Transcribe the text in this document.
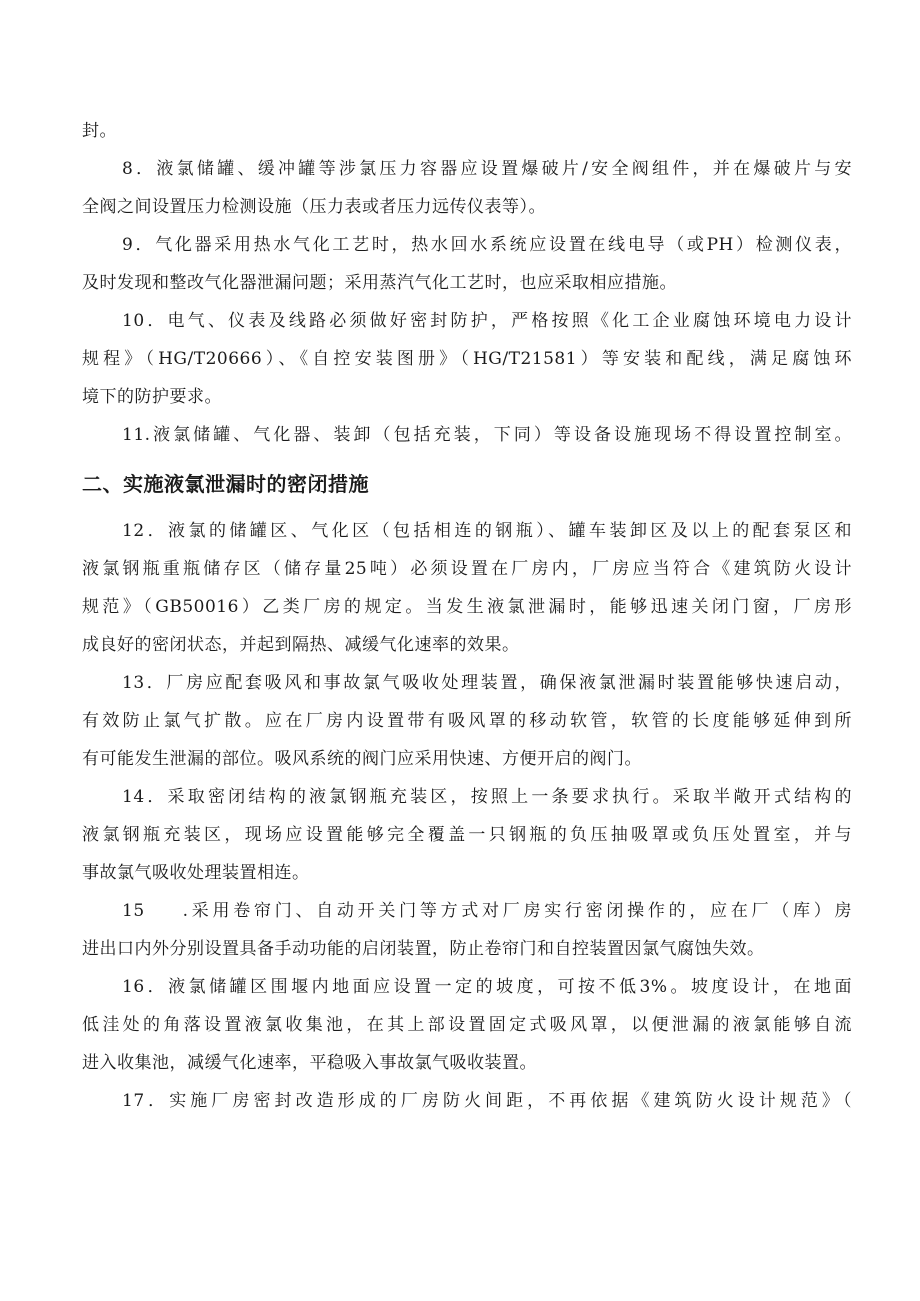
封。
8．液氯储罐、缓冲罐等涉氯压力容器应设置爆破片/安全阀组件，并在爆破片与安
全阀之间设置压力检测设施（压力表或者压力远传仪表等）。
9．气化器采用热水气化工艺时，热水回水系统应设置在线电导（或PH）检测仪表，
及时发现和整改气化器泄漏问题；采用蒸汽气化工艺时，也应采取相应措施。
10．电气、仪表及线路必须做好密封防护，严格按照《化工企业腐蚀环境电力设计
规程》（HG/T20666）、《自控安装图册》（HG/T21581）等安装和配线，满足腐蚀环
境下的防护要求。
11.液氯储罐、气化器、装卸（包括充装，下同）等设备设施现场不得设置控制室。
二、实施液氯泄漏时的密闭措施
12．液氯的储罐区、气化区（包括相连的钢瓶）、罐车装卸区及以上的配套泵区和
液氯钢瓶重瓶储存区（储存量25吨）必须设置在厂房内，厂房应当符合《建筑防火设计
规范》（GB50016）乙类厂房的规定。当发生液氯泄漏时，能够迅速关闭门窗，厂房形
成良好的密闭状态，并起到隔热、减缓气化速率的效果。
13．厂房应配套吸风和事故氯气吸收处理装置，确保液氯泄漏时装置能够快速启动，
有效防止氯气扩散。应在厂房内设置带有吸风罩的移动软管，软管的长度能够延伸到所
有可能发生泄漏的部位。吸风系统的阀门应采用快速、方便开启的阀门。
14．采取密闭结构的液氯钢瓶充装区，按照上一条要求执行。采取半敞开式结构的
液氯钢瓶充装区，现场应设置能够完全覆盖一只钢瓶的负压抽吸罩或负压处置室，并与
事故氯气吸收处理装置相连。
15 .采用卷帘门、自动开关门等方式对厂房实行密闭操作的，应在厂（库）房
进出口内外分别设置具备手动功能的启闭装置，防止卷帘门和自控装置因氯气腐蚀失效。
16．液氯储罐区围堰内地面应设置一定的坡度，可按不低3%。坡度设计，在地面
低洼处的角落设置液氯收集池，在其上部设置固定式吸风罩，以便泄漏的液氯能够自流
进入收集池，减缓气化速率，平稳吸入事故氯气吸收装置。
17．实施厂房密封改造形成的厂房防火间距，不再依据《建筑防火设计规范》（
